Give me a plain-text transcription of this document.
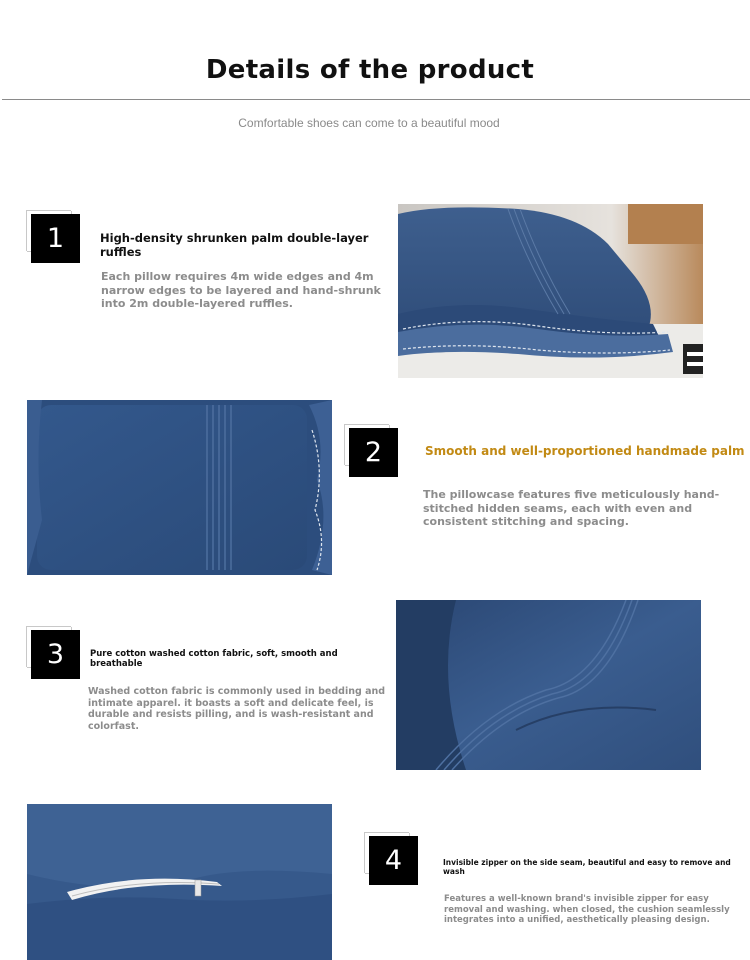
Details of the product
Comfortable shoes can come to a beautiful mood
1	High-density shrunken palm double-layer ruffles
Each pillow requires 4m wide edges and 4m narrow edges to be layered and hand-shrunk into 2m double-layered ruffles.
2	Smooth and well-proportioned handmade palm
The pillowcase features five meticulously hand-stitched hidden seams, each with even and consistent stitching and spacing.
3	Pure cotton washed cotton fabric, soft, smooth and breathable
Washed cotton fabric is commonly used in bedding and intimate apparel. it boasts a soft and delicate feel, is durable and resists pilling, and is wash-resistant and colorfast.
4	Invisible zipper on the side seam, beautiful and easy to remove and wash
Features a well-known brand's invisible zipper for easy removal and washing. when closed, the cushion seamlessly integrates into a unified, aesthetically pleasing design.
